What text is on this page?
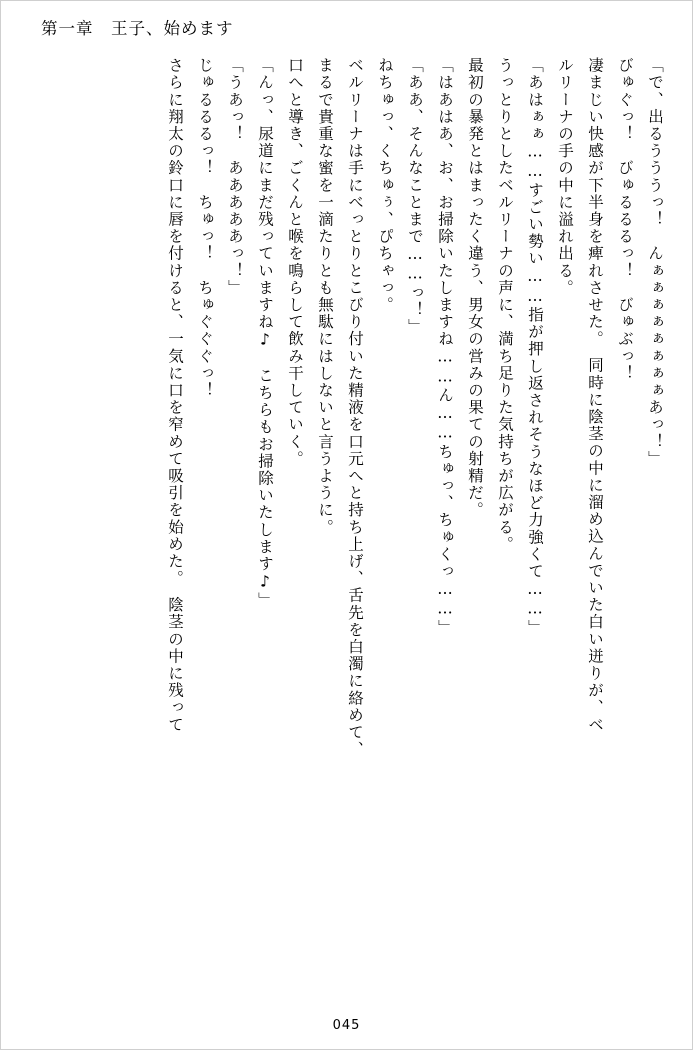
第一章　王子、始めます
「で、出るうううっ！　んぁぁぁぁぁぁぁぁあっ！」
びゅぐっ！　びゅるるるっ！　びゅぶっ！
凄まじい快感が下半身を痺れさせた。　同時に陰茎の中に溜め込んでいた白い迸りが、ベ
ルリーナの手の中に溢れ出る。
「あはぁぁ……すごい勢い……指が押し返されそうなほど力強くて……」
うっとりとしたベルリーナの声に、満ち足りた気持ちが広がる。
最初の暴発とはまったく違う、男女の営みの果ての射精だ。
「はあはあ、お、お掃除いたしますね……ん……ちゅっ、ちゅくっ……」
「ああ、そんなことまで……っ！」
ねちゅっ、くちゅぅ、ぴちゃっ。
ベルリーナは手にべっとりとこびり付いた精液を口元へと持ち上げ、舌先を白濁に絡めて、
まるで貴重な蜜を一滴たりとも無駄にはしないと言うように。
口へと導き、ごくんと喉を鳴らして飲み干していく。
「んっ、尿道にまだ残っていますね♪　こちらもお掃除いたします♪」
「うあっ！　あああああっ！」
じゅるるるっ！　ちゅっ！　ちゅぐぐぐっ！
さらに翔太の鈴口に唇を付けると、一気に口を窄めて吸引を始めた。　陰茎の中に残って
045
